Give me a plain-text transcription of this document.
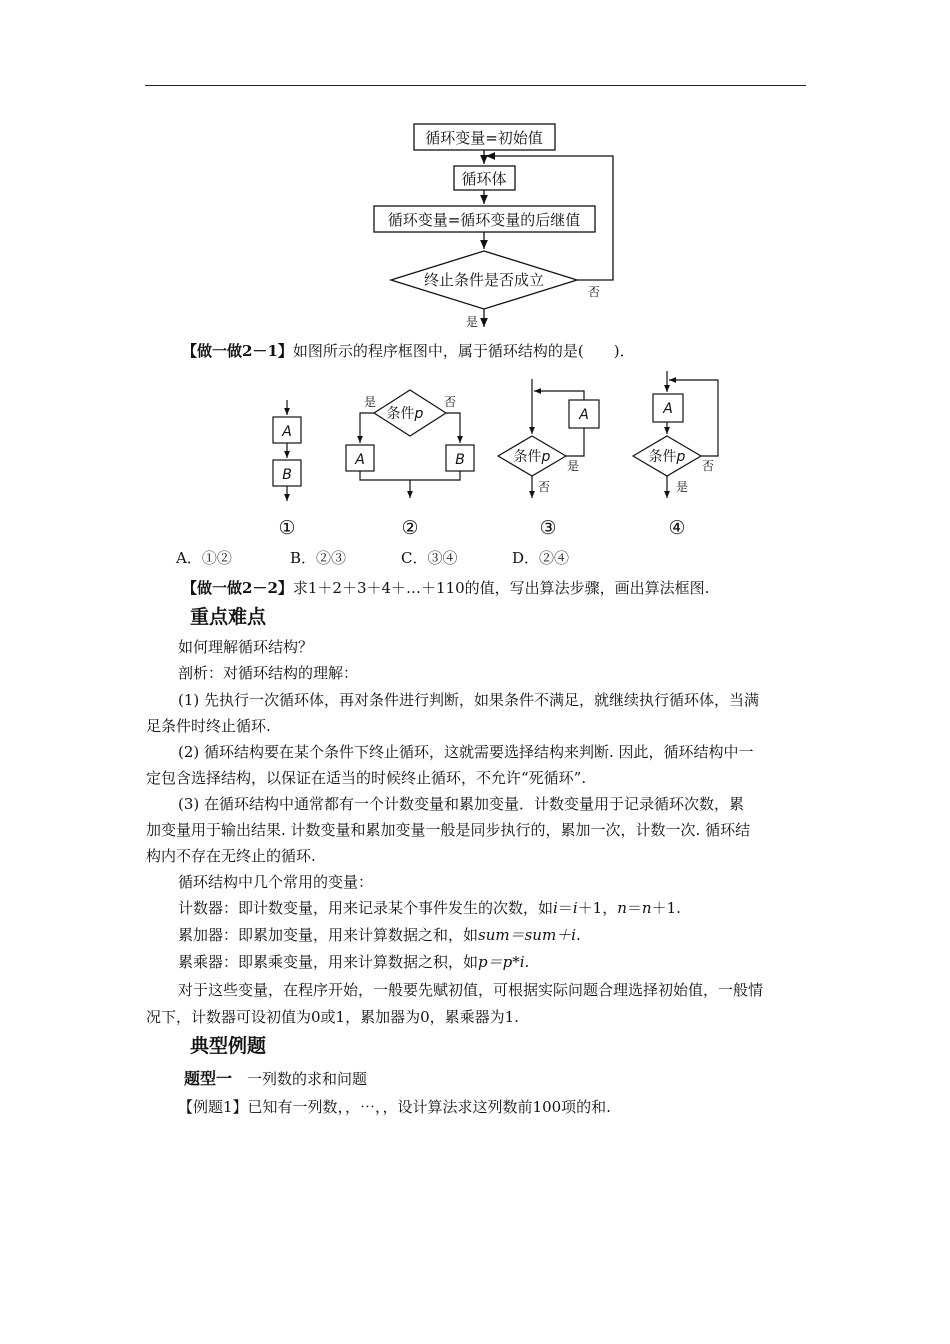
循环变量=初始值
循环体
循环变量=循环变量的后继值
终止条件是否成立
否
是
【做一做2－1】如图所示的程序框图中，属于循环结构的是(　　)．
A
B
条件p
是	否
A	B	条件p
A
是
否
A
条件p
否
是
①	②	③	④
A．①②	B．②③	C．③④	D．②④
【做一做2－2】求1＋2＋3＋4＋…＋110的值，写出算法步骤，画出算法框图.
重点难点
如何理解循环结构？
剖析：对循环结构的理解：
(1) 先执行一次循环体，再对条件进行判断，如果条件不满足，就继续执行循环体，当满
足条件时终止循环.
(2) 循环结构要在某个条件下终止循环，这就需要选择结构来判断. 因此，循环结构中一
定包含选择结构，以保证在适当的时候终止循环，不允许“死循环”.
(3) 在循环结构中通常都有一个计数变量和累加变量．计数变量用于记录循环次数，累
加变量用于输出结果. 计数变量和累加变量一般是同步执行的，累加一次，计数一次. 循环结
构内不存在无终止的循环.
循环结构中几个常用的变量：
计数器：即计数变量，用来记录某个事件发生的次数，如i＝i＋1，n＝n＋1.
累加器：即累加变量，用来计算数据之和，如sum＝sum＋i.
累乘器：即累乘变量，用来计算数据之积，如p＝p*i.
对于这些变量，在程序开始，一般要先赋初值，可根据实际问题合理选择初始值，一般情
况下，计数器可设初值为0或1，累加器为0，累乘器为1.
典型例题
题型一　 一列数的求和问题
【例题1】已知有一列数，，⋯，，设计算法求这列数前100项的和.
